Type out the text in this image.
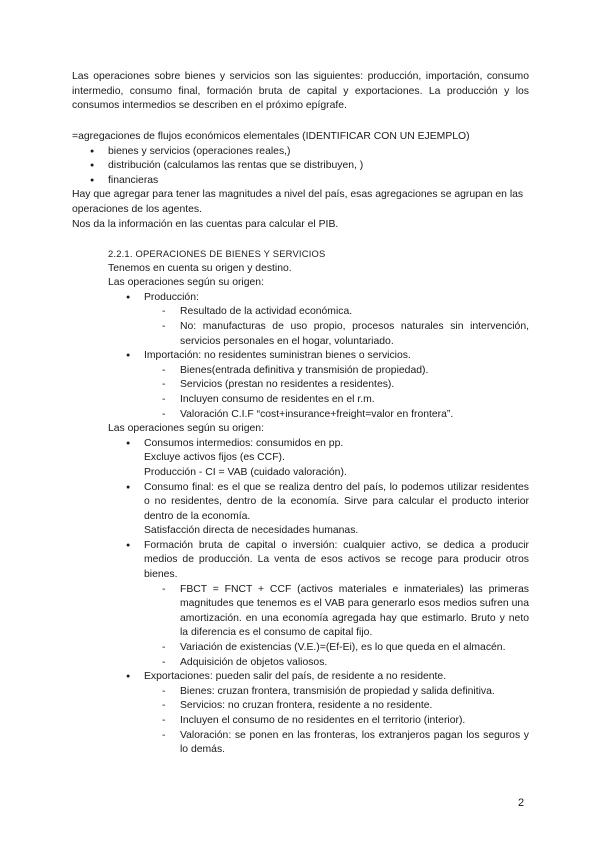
Las operaciones sobre bienes y servicios son las siguientes: producción, importación, consumo intermedio, consumo final, formación bruta de capital y exportaciones. La producción y los consumos intermedios se describen en el próximo epígrafe.

=agregaciones de flujos económicos elementales (IDENTIFICAR CON UN EJEMPLO)

● bienes y servicios (operaciones reales,)
● distribución (calculamos las rentas que se distribuyen, )
● financieras

Hay que agregar para tener las magnitudes a nivel del país, esas agregaciones se agrupan en las operaciones de los agentes.

Nos da la información en las cuentas para calcular el PIB.

2.2.1. OPERACIONES DE BIENES Y SERVICIOS

Tenemos en cuenta su origen y destino.

Las operaciones según su origen:

● Producción:
- Resultado de la actividad económica.
- No: manufacturas de uso propio, procesos naturales sin intervención, servicios personales en el hogar, voluntariado.
● Importación: no residentes suministran bienes o servicios.
- Bienes(entrada definitiva y transmisión de propiedad).
- Servicios (prestan no residentes a residentes).
- Incluyen consumo de residentes en el r.m.
- Valoración C.I.F “cost+insurance+freight=valor en frontera”.

Las operaciones según su origen:

● Consumos intermedios: consumidos en pp.
Excluye activos fijos (es CCF).
Producción - CI = VAB (cuidado valoración).
● Consumo final: es el que se realiza dentro del país, lo podemos utilizar residentes o no residentes, dentro de la economía. Sirve para calcular el producto interior dentro de la economía.
Satisfacción directa de necesidades humanas.
● Formación bruta de capital o inversión: cualquier activo, se dedica a producir medios de producción. La venta de esos activos se recoge para producir otros bienes.
- FBCT = FNCT + CCF (activos materiales e inmateriales) las primeras magnitudes que tenemos es el VAB para generarlo esos medios sufren una amortización. en una economía agregada hay que estimarlo. Bruto y neto la diferencia es el consumo de capital fijo.
- Variación de existencias (V.E.)=(Ef-Ei), es lo que queda en el almacén.
- Adquisición de objetos valiosos.
● Exportaciones: pueden salir del país, de residente a no residente.
- Bienes: cruzan frontera, transmisión de propiedad y salida definitiva.
- Servicios: no cruzan frontera, residente a no residente.
- Incluyen el consumo de no residentes en el territorio (interior).
- Valoración: se ponen en las fronteras, los extranjeros pagan los seguros y lo demás.
2
